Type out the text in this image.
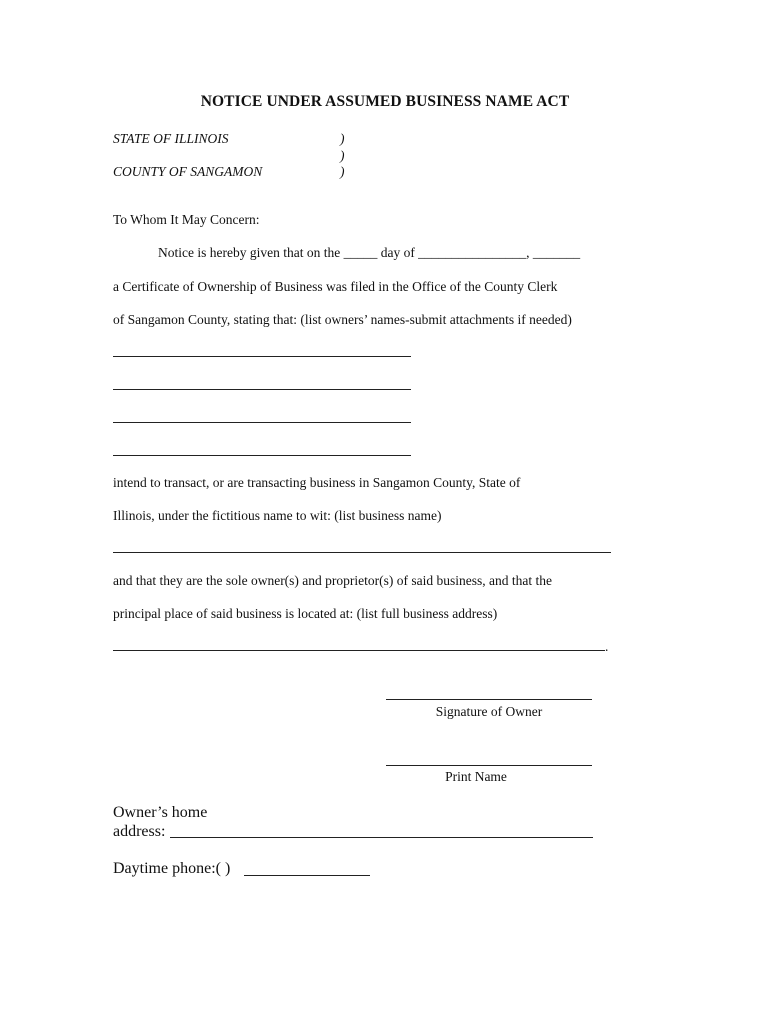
NOTICE UNDER ASSUMED BUSINESS NAME ACT
STATE OF ILLINOIS
COUNTY OF SANGAMON
)
)
)
To Whom It May Concern:
Notice is hereby given that on the _____ day of ________________, _______
a Certificate of Ownership of Business was filed in the Office of the County Clerk
of Sangamon County, stating that: (list owners’ names-submit attachments if needed)
intend to transact, or are transacting business in Sangamon County, State of
Illinois, under the fictitious name to wit: (list business name)
and that they are the sole owner(s) and proprietor(s) of said business, and that the
principal place of said business is located at: (list full business address)
.
Signature of Owner
Print Name
Owner’s home
address:
Daytime phone:( )
